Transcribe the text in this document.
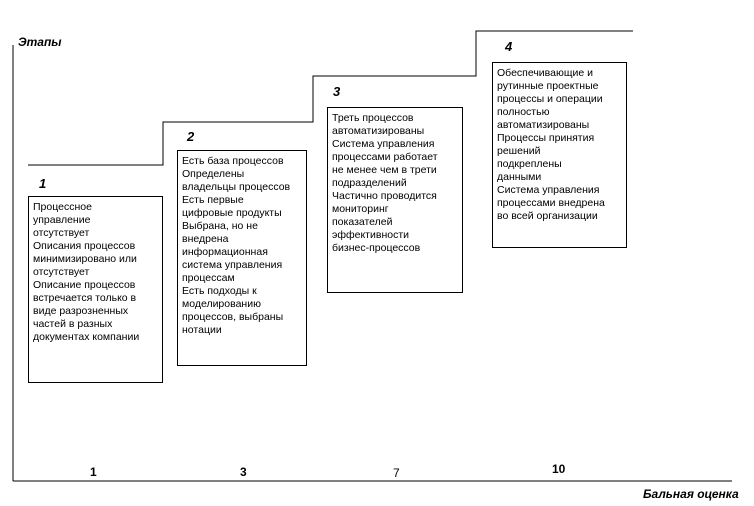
Этапы
Бальная оценка
1
Процессное
управление
отсутствует
Описания процессов
минимизировано или
отсутствует
Описание процессов
встречается только в
виде разрозненных
частей в разных
документах компании
2
Есть база процессов
Определены
владельцы процессов
Есть первые
цифровые продукты
Выбрана, но не
внедрена
информационная
система управления
процессам
Есть подходы к
моделированию
процессов, выбраны
нотации
3
Треть процессов
автоматизированы
Система управления
процессами работает
не менее чем в трети
подразделений
Частично проводится
мониторинг
показателей
эффективности
бизнес-процессов
4
Обеспечивающие и
рутинные проектные
процессы и операции
полностью
автоматизированы
Процессы принятия
решений
подкреплены
данными
Система управления
процессами внедрена
во всей организации
1	3	7	10
